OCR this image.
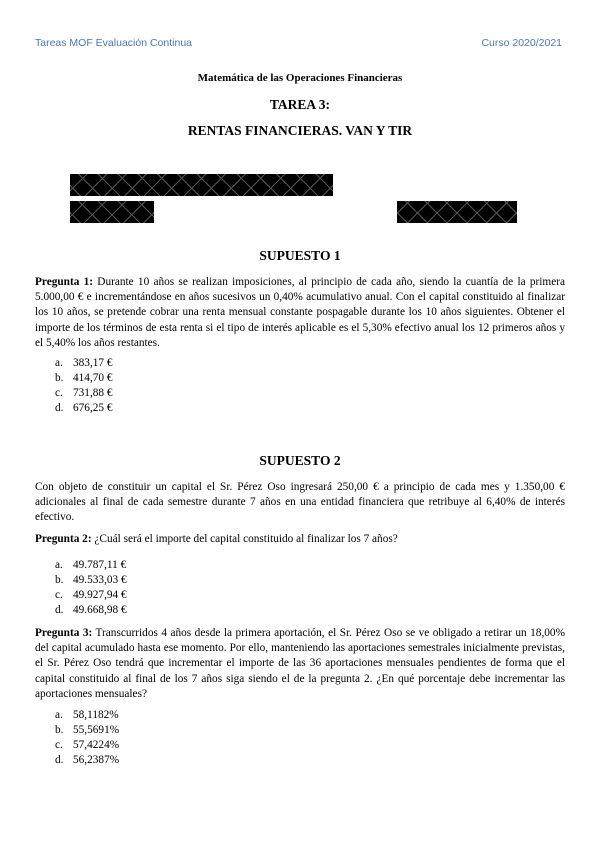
Tareas MOF Evaluación Continua	Curso 2020/2021
Matemática de las Operaciones Financieras
TAREA 3:
RENTAS FINANCIERAS. VAN Y TIR
SUPUESTO 1
Pregunta 1: Durante 10 años se realizan imposiciones, al principio de cada año, siendo la cuantía de la primera 5.000,00 € e incrementándose en años sucesivos un 0,40% acumulativo anual. Con el capital constituido al finalizar los 10 años, se pretende cobrar una renta mensual constante pospagable durante los 10 años siguientes. Obtener el importe de los términos de esta renta si el tipo de interés aplicable es el 5,30% efectivo anual los 12 primeros años y el 5,40% los años restantes.
a. 383,17 €
b. 414,70 €
c. 731,88 €
d. 676,25 €
SUPUESTO 2
Con objeto de constituir un capital el Sr. Pérez Oso ingresará 250,00 € a principio de cada mes y 1.350,00 € adicionales al final de cada semestre durante 7 años en una entidad financiera que retribuye al 6,40% de interés efectivo.
Pregunta 2: ¿Cuál será el importe del capital constituido al finalizar los 7 años?
a. 49.787,11 €
b. 49.533,03 €
c. 49.927,94 €
d. 49.668,98 €
Pregunta 3: Transcurridos 4 años desde la primera aportación, el Sr. Pérez Oso se ve obligado a retirar un 18,00% del capital acumulado hasta ese momento. Por ello, manteniendo las aportaciones semestrales inicialmente previstas, el Sr. Pérez Oso tendrá que incrementar el importe de las 36 aportaciones mensuales pendientes de forma que el capital constituido al final de los 7 años siga siendo el de la pregunta 2. ¿En qué porcentaje debe incrementar las aportaciones mensuales?
a. 58,1182%
b. 55,5691%
c. 57,4224%
d. 56,2387%
